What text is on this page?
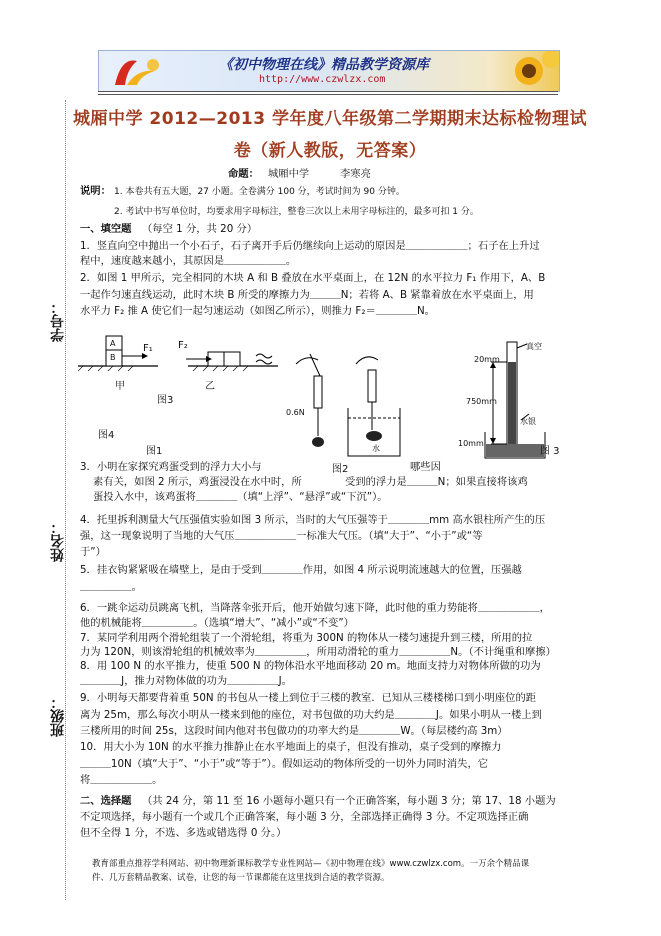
《初中物理在线》精品教学资源库
http://www.czwlzx.com
学号：
姓名：
班级：
城厢中学 2012—2013 学年度八年级第二学期期末达标检物理试
卷（新人教版，无答案）
命题： 城厢中学	李寒亮
说明： 1. 本卷共有五大题，27 小题。全卷满分 100 分，考试时间为 90 分钟。
2. 考试中书写单位时，均要求用字母标注，整卷三次以上未用字母标注的，最多可扣 1 分。
一、填空题 （每空 1 分，共 20 分）
1．竖直向空中抛出一个小石子，石子离开手后仍继续向上运动的原因是＿＿＿＿＿＿；石子在上升过
程中，速度越来越小，其原因是＿＿＿＿＿＿。
2．如图 1 甲所示，完全相同的木块 A 和 B 叠放在水平桌面上，在 12N 的水平拉力 F₁ 作用下，A、B
一起作匀速直线运动，此时木块 B 所受的摩擦力为＿＿＿N；若将 A、B 紧靠着放在水平桌面上，用
水平力 F₂ 推 A 使它们一起匀速运动（如图乙所示），则推力 F₂＝＿＿＿＿N。
A
B
F₁	F₂
甲	乙
图3
图4
图1
0.6N
水
图2
真空
20mm
750mm
水银
10mm
图 3
3．小明在家探究鸡蛋受到的浮力大小与	哪些因
素有关，如图 2 所示，鸡蛋浸没在水中时，所	受到的浮力是＿＿＿N；如果直接将该鸡
蛋投入水中，该鸡蛋将＿＿＿＿（填“上浮”、“悬浮”或“下沉”）。
4．托里拆利测量大气压强值实验如图 3 所示，当时的大气压强等于＿＿＿＿mm 高水银柱所产生的压
强，这一现象说明了当地的大气压＿＿＿＿＿＿一标准大气压。（填“大于”、“小于”或“等
于”）
5．挂衣钩紧紧吸在墙壁上，是由于受到＿＿＿＿作用，如图 4 所示说明流速越大的位置，压强越
＿＿＿＿＿。
6．一跳伞运动员跳离飞机，当降落伞张开后，他开始做匀速下降，此时他的重力势能将＿＿＿＿＿＿，
他的机械能将＿＿＿＿＿。（选填“增大”、“减小”或“不变”）
7．某同学利用两个滑轮组装了一个滑轮组，将重为 300N 的物体从一楼匀速提升到三楼，所用的拉
力为 120N，则该滑轮组的机械效率为＿＿＿＿＿，所用动滑轮的重力＿＿＿＿＿N。（不计绳重和摩擦）
8．用 100 N 的水平推力，使重 500 N 的物体沿水平地面移动 20 m。地面支持力对物体所做的功为
＿＿＿＿J，推力对物体做的功为＿＿＿＿＿J。
9．小明每天都要背着重 50N 的书包从一楼上到位于三楼的教室．已知从三楼楼梯口到小明座位的距
离为 25m，那么每次小明从一楼来到他的座位，对书包做的功大约是＿＿＿＿J。如果小明从一楼上到
三楼所用的时间 25s，这段时间内他对书包做功的功率大约是＿＿＿＿W。（每层楼约高 3m）
10．用大小为 10N 的水平推力推静止在水平地面上的桌子，但没有推动，桌子受到的摩擦力
＿＿＿10N（填“大于”、“小于”或“等于”）。假如运动的物体所受的一切外力同时消失，它
将＿＿＿＿＿＿。
二、选择题 （共 24 分，第 11 至 16 小题每小题只有一个正确答案，每小题 3 分；第 17、18 小题为
不定项选择，每小题有一个或几个正确答案，每小题 3 分，全部选择正确得 3 分。不定项选择正确
但不全得 1 分，不选、多选或错选得 0 分。）
教育部重点推荐学科网站、初中物理新课标教学专业性网站—《初中物理在线》www.czwlzx.com。一万余个精品课
件、几万套精品教案、试卷，让您的每一节课都能在这里找到合适的教学资源。
